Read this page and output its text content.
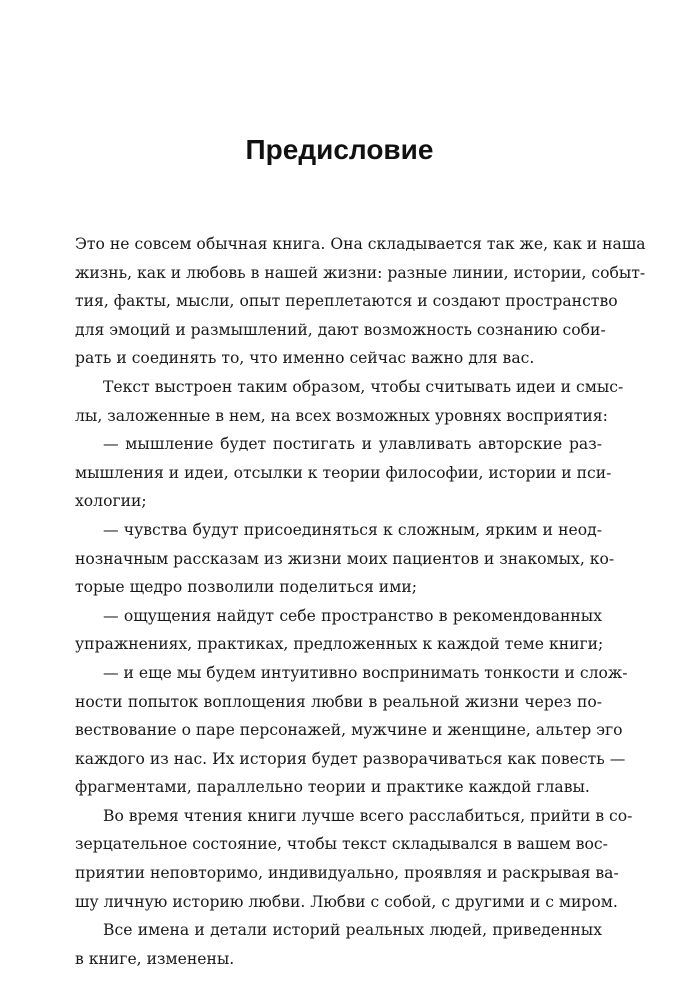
Предисловие
Это не совсем обычная книга. Она складывается так же, как и наша
жизнь, как и любовь в нашей жизни: разные линии, истории, событ-
тия, факты, мысли, опыт переплетаются и создают пространство
для эмоций и размышлений, дают возможность сознанию соби-
рать и соединять то, что именно сейчас важно для вас.
Текст выстроен таким образом, чтобы считывать идеи и смыс-
лы, заложенные в нем, на всех возможных уровнях восприятия:
— мышление будет постигать и улавливать авторские раз-
мышления и идеи, отсылки к теории философии, истории и пси-
хологии;
— чувства будут присоединяться к сложным, ярким и неод-
нозначным рассказам из жизни моих пациентов и знакомых, ко-
торые щедро позволили поделиться ими;
— ощущения найдут себе пространство в рекомендованных
упражнениях, практиках, предложенных к каждой теме книги;
— и еще мы будем интуитивно воспринимать тонкости и слож-
ности попыток воплощения любви в реальной жизни через по-
вествование о паре персонажей, мужчине и женщине, альтер эго
каждого из нас. Их история будет разворачиваться как повесть —
фрагментами, параллельно теории и практике каждой главы.
Во время чтения книги лучше всего расслабиться, прийти в со-
зерцательное состояние, чтобы текст складывался в вашем вос-
приятии неповторимо, индивидуально, проявляя и раскрывая ва-
шу личную историю любви. Любви с собой, с другими и с миром.
Все имена и детали историй реальных людей, приведенных
в книге, изменены.
